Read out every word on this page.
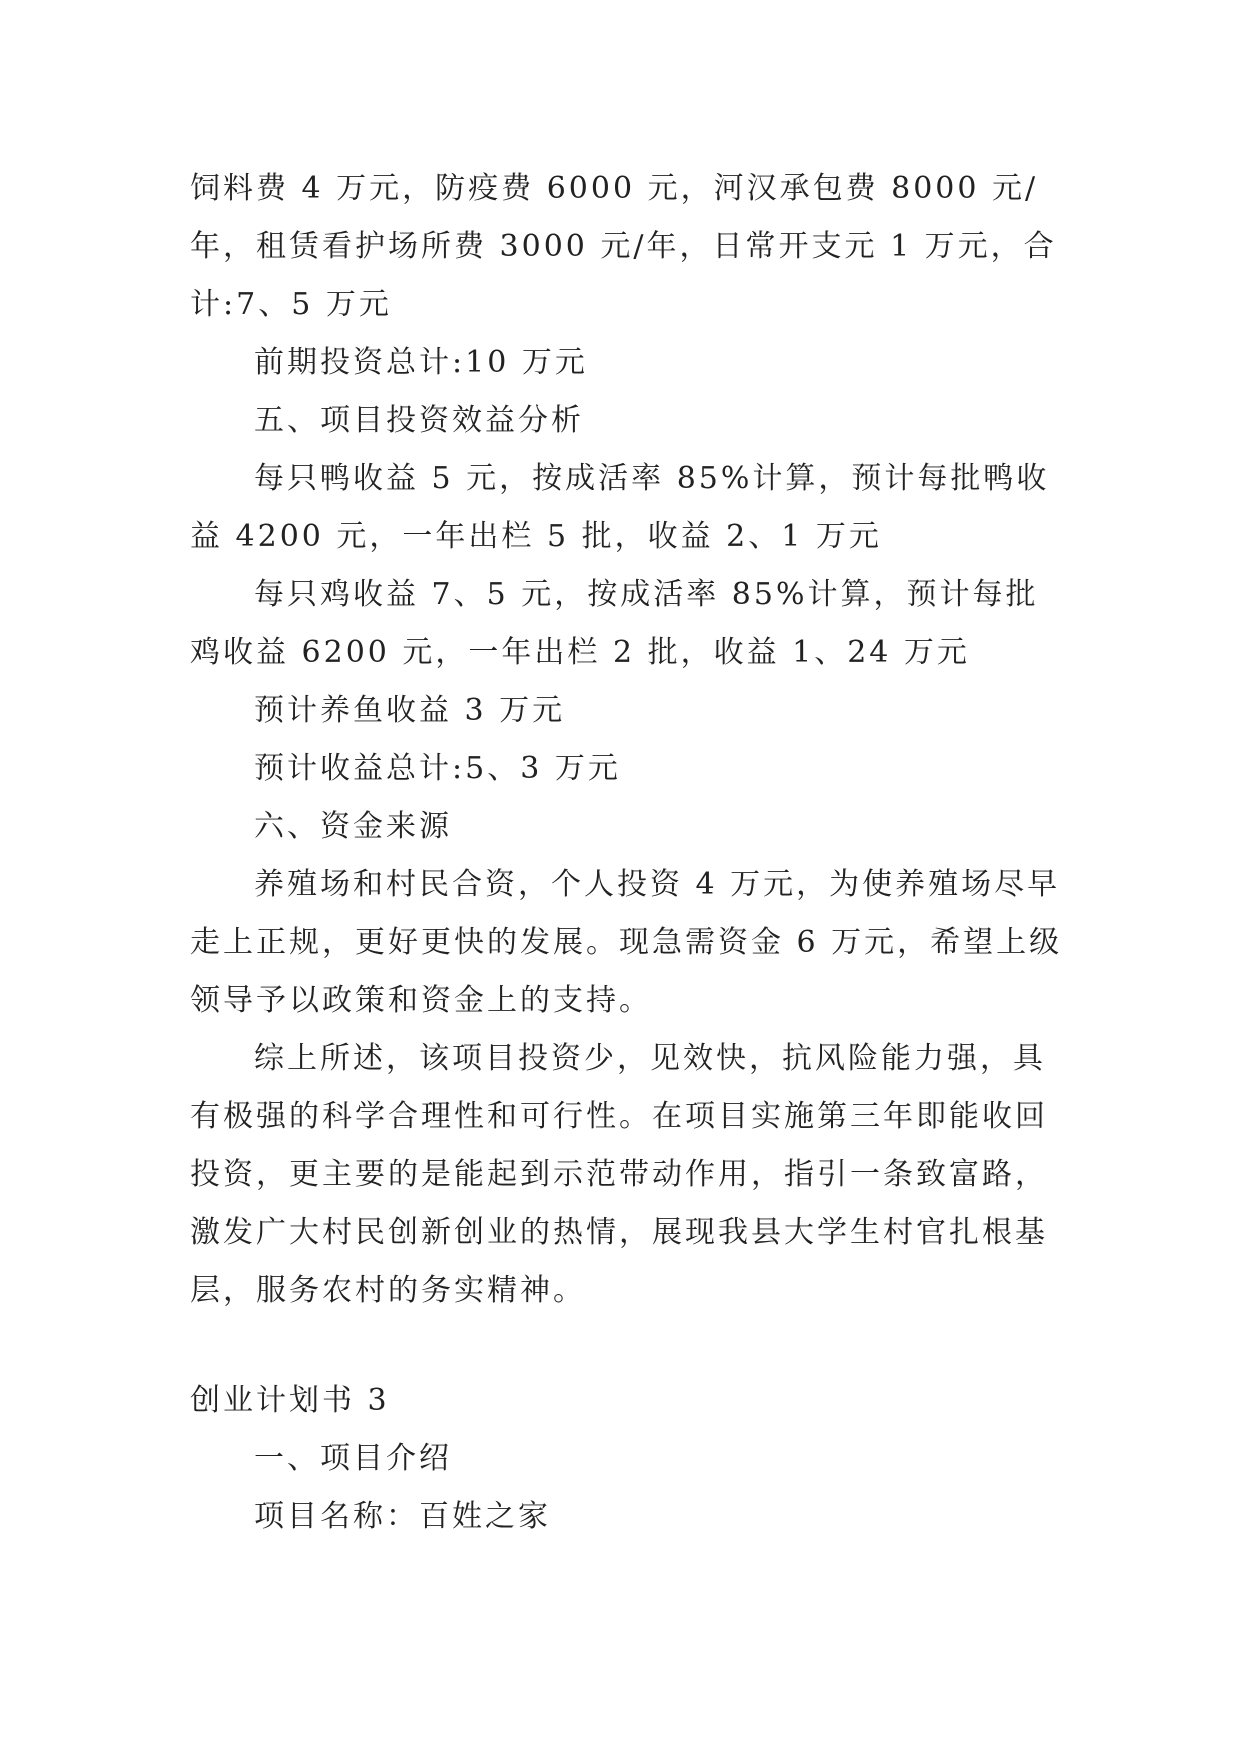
饲料费 4 万元，防疫费 6000 元，河汉承包费 8000 元/年，租赁看护场所费 3000 元/年，日常开支元 1 万元，合计:7、5 万元

前期投资总计:10 万元

五、项目投资效益分析

每只鸭收益 5 元，按成活率 85%计算，预计每批鸭收益 4200 元，一年出栏 5 批，收益 2、1 万元

每只鸡收益 7、5 元，按成活率 85%计算，预计每批鸡收益 6200 元，一年出栏 2 批，收益 1、24 万元

预计养鱼收益 3 万元

预计收益总计:5、3 万元

六、资金来源

养殖场和村民合资，个人投资 4 万元，为使养殖场尽早走上正规，更好更快的发展。现急需资金 6 万元，希望上级领导予以政策和资金上的支持。

综上所述，该项目投资少，见效快，抗风险能力强，具有极强的科学合理性和可行性。在项目实施第三年即能收回投资，更主要的是能起到示范带动作用，指引一条致富路，激发广大村民创新创业的热情，展现我县大学生村官扎根基层，服务农村的务实精神。

创业计划书 3

一、项目介绍

项目名称：百姓之家
